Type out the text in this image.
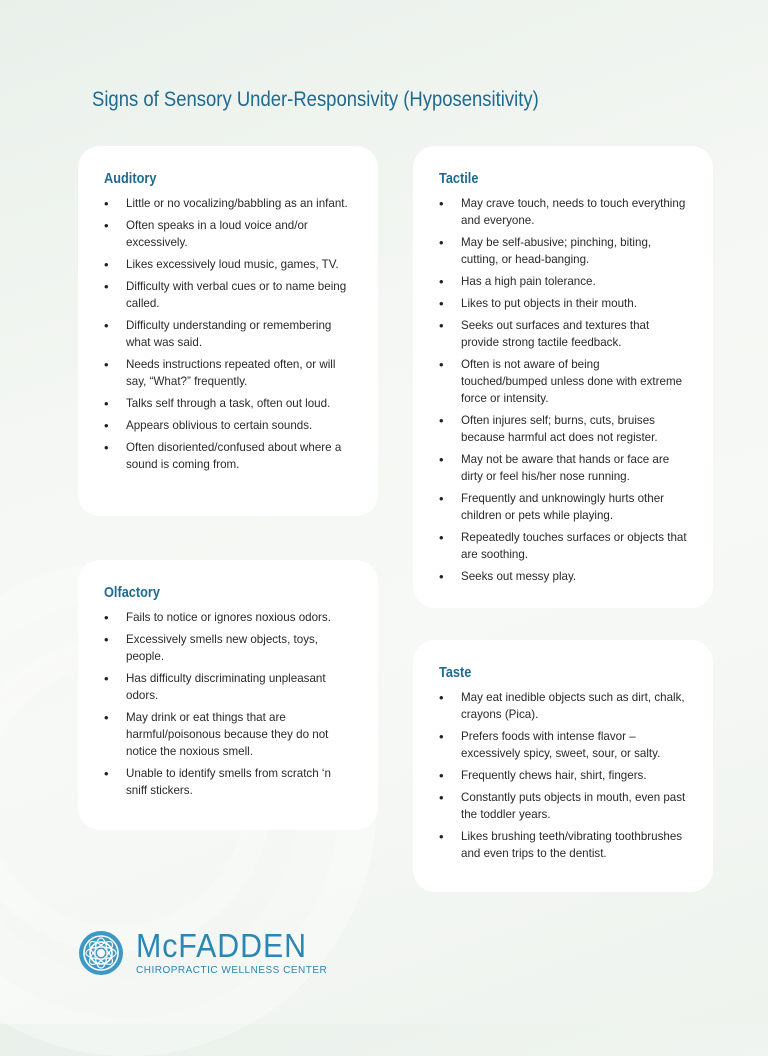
Signs of Sensory Under-Responsivity (Hyposensitivity)
Auditory
• Little or no vocalizing/babbling as an infant.
• Often speaks in a loud voice and/or excessively.
• Likes excessively loud music, games, TV.
• Difficulty with verbal cues or to name being called.
• Difficulty understanding or remembering what was said.
• Needs instructions repeated often, or will say, “What?” frequently.
• Talks self through a task, often out loud.
• Appears oblivious to certain sounds.
• Often disoriented/confused about where a sound is coming from.
Tactile
• May crave touch, needs to touch everything and everyone.
• May be self-abusive; pinching, biting, cutting, or head-banging.
• Has a high pain tolerance.
• Likes to put objects in their mouth.
• Seeks out surfaces and textures that provide strong tactile feedback.
• Often is not aware of being touched/bumped unless done with extreme force or intensity.
• Often injures self; burns, cuts, bruises because harmful act does not register.
• May not be aware that hands or face are dirty or feel his/her nose running.
• Frequently and unknowingly hurts other children or pets while playing.
• Repeatedly touches surfaces or objects that are soothing.
• Seeks out messy play.
Olfactory
• Fails to notice or ignores noxious odors.
• Excessively smells new objects, toys, people.
• Has difficulty discriminating unpleasant odors.
• May drink or eat things that are harmful/poisonous because they do not notice the noxious smell.
• Unable to identify smells from scratch ‘n sniff stickers.
Taste
• May eat inedible objects such as dirt, chalk, crayons (Pica).
• Prefers foods with intense flavor – excessively spicy, sweet, sour, or salty.
• Frequently chews hair, shirt, fingers.
• Constantly puts objects in mouth, even past the toddler years.
• Likes brushing teeth/vibrating toothbrushes and even trips to the dentist.
McFADDEN
CHIROPRACTIC WELLNESS CENTER
